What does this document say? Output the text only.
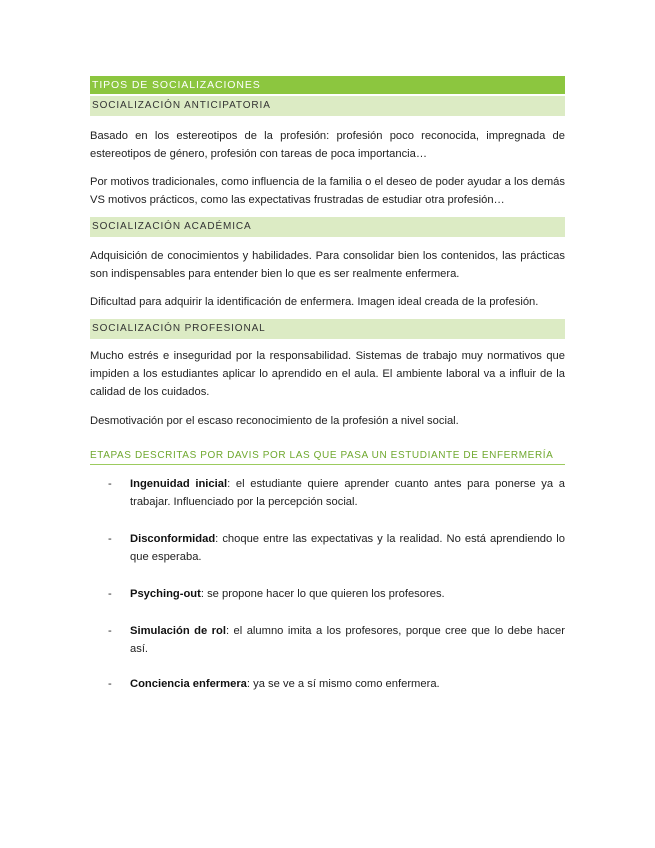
TIPOS DE SOCIALIZACIONES
SOCIALIZACIÓN ANTICIPATORIA

Basado en los estereotipos de la profesión: profesión poco reconocida, impregnada de estereotipos de género, profesión con tareas de poca importancia…

Por motivos tradicionales, como influencia de la familia o el deseo de poder ayudar a los demás VS motivos prácticos, como las expectativas frustradas de estudiar otra profesión…

SOCIALIZACIÓN ACADÉMICA

Adquisición de conocimientos y habilidades. Para consolidar bien los contenidos, las prácticas son indispensables para entender bien lo que es ser realmente enfermera.

Dificultad para adquirir la identificación de enfermera. Imagen ideal creada de la profesión.

SOCIALIZACIÓN PROFESIONAL

Mucho estrés e inseguridad por la responsabilidad. Sistemas de trabajo muy normativos que impiden a los estudiantes aplicar lo aprendido en el aula. El ambiente laboral va a influir de la calidad de los cuidados.

Desmotivación por el escaso reconocimiento de la profesión a nivel social.

ETAPAS DESCRITAS POR DAVIS POR LAS QUE PASA UN ESTUDIANTE DE ENFERMERÍA
- Ingenuidad inicial: el estudiante quiere aprender cuanto antes para ponerse ya a trabajar. Influenciado por la percepción social.
- Disconformidad: choque entre las expectativas y la realidad. No está aprendiendo lo que esperaba.
- Psyching-out: se propone hacer lo que quieren los profesores.
- Simulación de rol: el alumno imita a los profesores, porque cree que lo debe hacer así.
- Conciencia enfermera: ya se ve a sí mismo como enfermera.
